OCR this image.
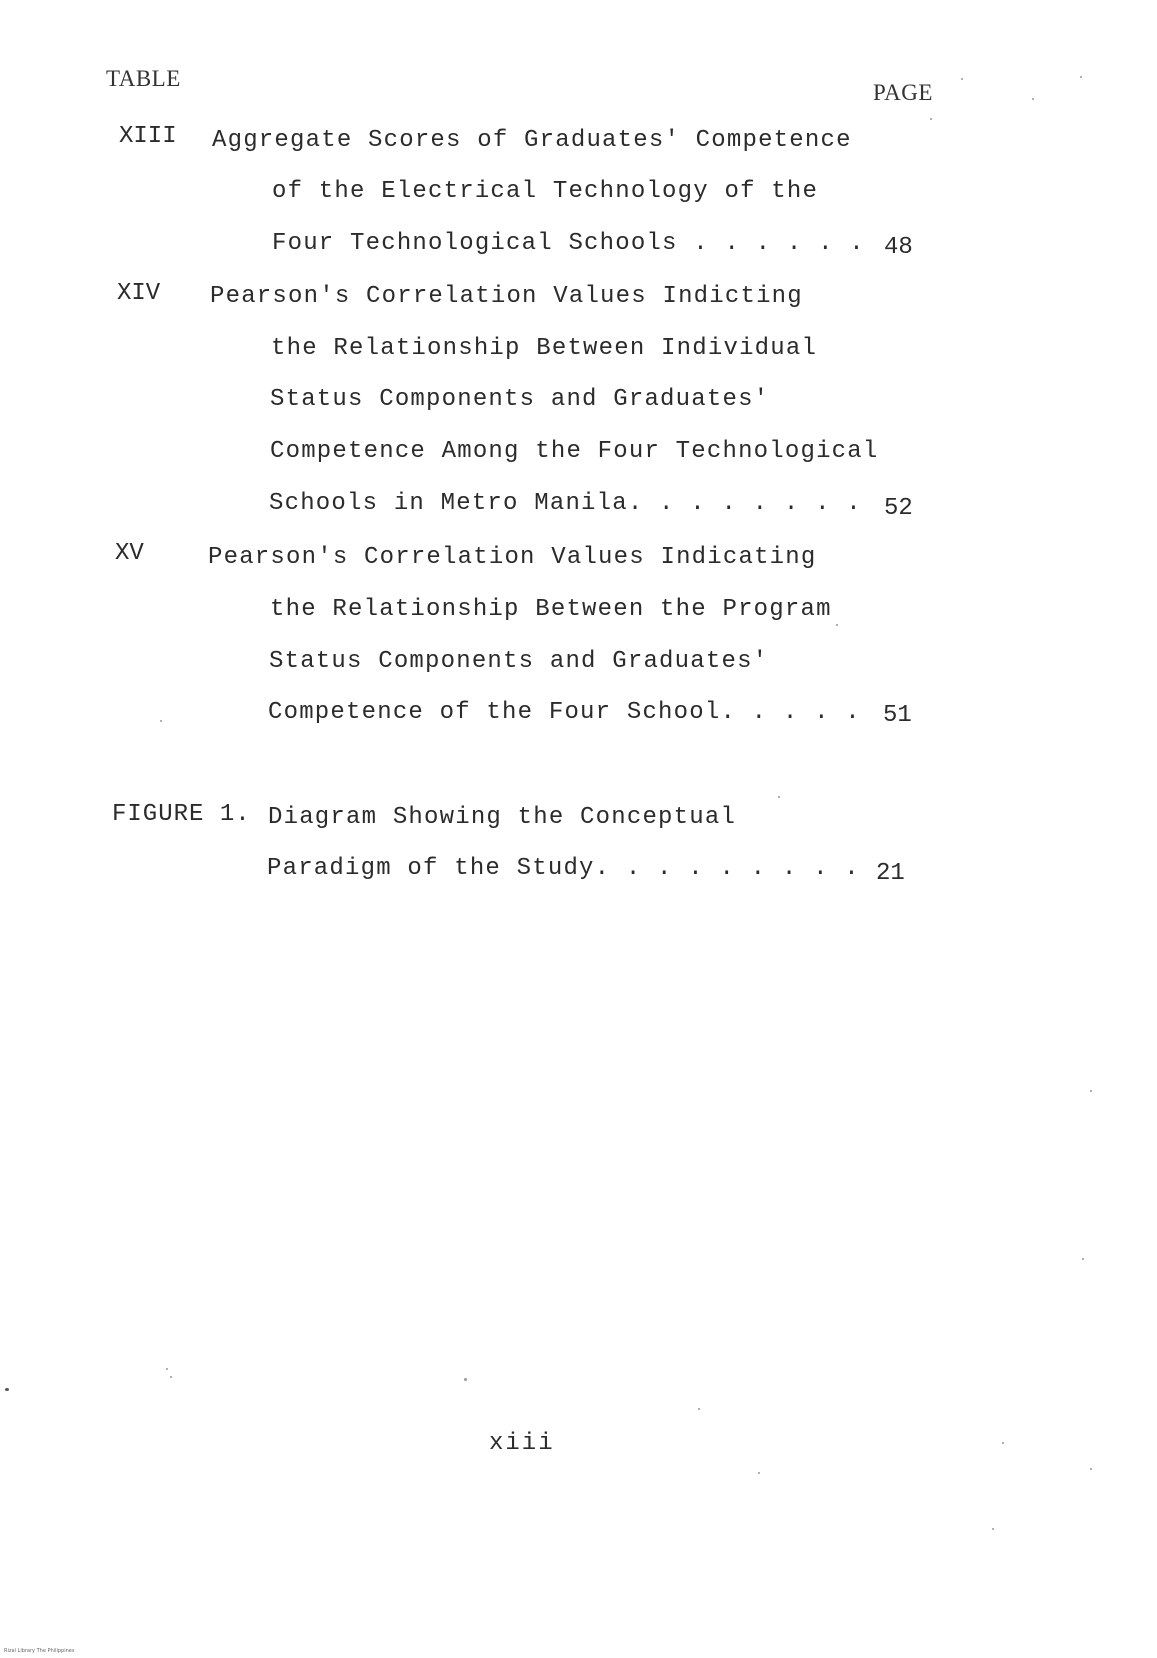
TABLE
PAGE
XIII Aggregate Scores of Graduates' Competence
of the Electrical Technology of the
Four Technological Schools . . . . . . 48
XIV Pearson's Correlation Values Indicting
the Relationship Between Individual
Status Components and Graduates'
Competence Among the Four Technological
Schools in Metro Manila. . . . . . . . 52
XV	Pearson's Correlation Values Indicating
the Relationship Between the Program
Status Components and Graduates'
Competence of the Four School. . . . . 51
FIGURE 1. Diagram Showing the Conceptual
Paradigm of the Study. . . . . . . . . 21
xiii
Rizal Library The Philippines
